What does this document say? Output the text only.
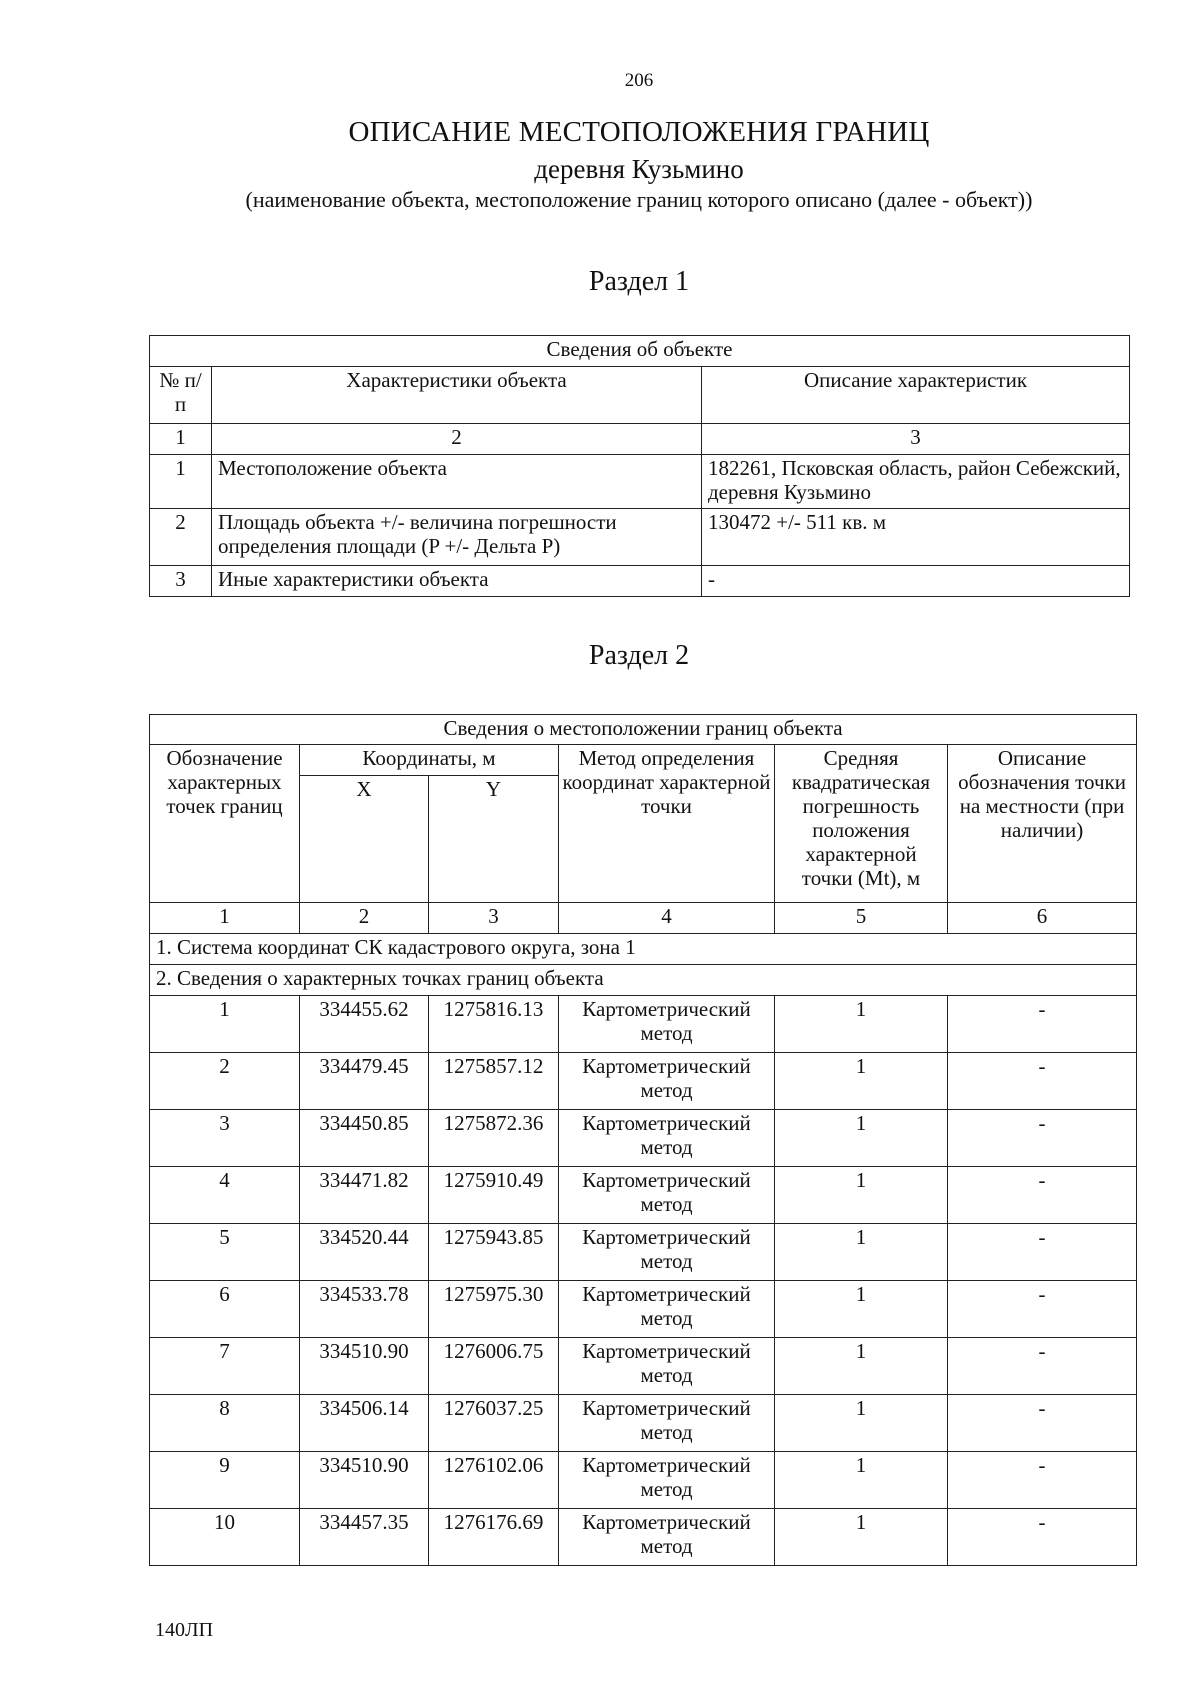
206
ОПИСАНИЕ МЕСТОПОЛОЖЕНИЯ ГРАНИЦ
деревня Кузьмино
(наименование объекта, местоположение границ которого описано (далее - объект))
Раздел 1
Сведения об объекте		
№ п/п	Характеристики объекта	Описание характеристик
1	2	3
1	Местоположение объекта	182261, Псковская область, район Себежский, деревня Кузьмино
2	Площадь объекта +/- величина погрешности определения площади (P +/- Дельта P)	130472 +/- 511 кв. м
3	Иные характеристики объекта	-
Раздел 2
Сведения о местоположении границ объекта					
Обозначение характерных точек границ	Координаты, м		Метод определения координат характерной точки	Средняя квадратическая погрешность положения характерной точки (Mt), м	Описание обозначения точки на местности (при наличии)
	X	Y			
1	2	3	4	5	6
1. Система координат СК кадастрового округа, зона 1					
2. Сведения о характерных точках границ объекта					
1	334455.62	1275816.13	Картометрический метод	1	-
2	334479.45	1275857.12	Картометрический метод	1	-
3	334450.85	1275872.36	Картометрический метод	1	-
4	334471.82	1275910.49	Картометрический метод	1	-
5	334520.44	1275943.85	Картометрический метод	1	-
6	334533.78	1275975.30	Картометрический метод	1	-
7	334510.90	1276006.75	Картометрический метод	1	-
8	334506.14	1276037.25	Картометрический метод	1	-
9	334510.90	1276102.06	Картометрический метод	1	-
10	334457.35	1276176.69	Картометрический метод	1	-
140ЛП
